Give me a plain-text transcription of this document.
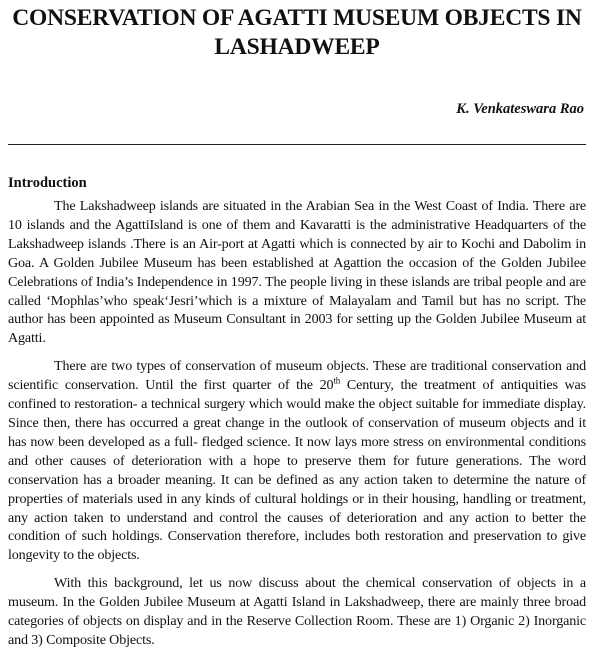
CONSERVATION OF AGATTI MUSEUM OBJECTS IN
LASHADWEEP
K. Venkateswara Rao
Introduction

The Lakshadweep islands are situated in the Arabian Sea in the West Coast of India. There are 10 islands and the AgattiIsland is one of them and Kavaratti is the administrative Headquarters of the Lakshadweep islands .There is an Air-port at Agatti which is connected by air to Kochi and Dabolim in Goa. A Golden Jubilee Museum has been established at Agattion the occasion of the Golden Jubilee Celebrations of India’s Independence in 1997. The people living in these islands are tribal people and are called ‘Mophlas’who speak‘Jesri’which is a mixture of Malayalam and Tamil but has no script. The author has been appointed as Museum Consultant in 2003 for setting up the Golden Jubilee Museum at Agatti.

There are two types of conservation of museum objects. These are traditional conservation and scientific conservation. Until the first quarter of the 20th Century, the treatment of antiquities was confined to restoration- a technical surgery which would make the object suitable for immediate display. Since then, there has occurred a great change in the outlook of conservation of museum objects and it has now been developed as a full- fledged science. It now lays more stress on environmental conditions and other causes of deterioration with a hope to preserve them for future generations. The word conservation has a broader meaning. It can be defined as any action taken to determine the nature of properties of materials used in any kinds of cultural holdings or in their housing, handling or treatment, any action taken to understand and control the causes of deterioration and any action to better the condition of such holdings. Conservation therefore, includes both restoration and preservation to give longevity to the objects.

With this background, let us now discuss about the chemical conservation of objects in a museum. In the Golden Jubilee Museum at Agatti Island in Lakshadweep, there are mainly three broad categories of objects on display and in the Reserve Collection Room. These are 1) Organic 2) Inorganic and 3) Composite Objects.
